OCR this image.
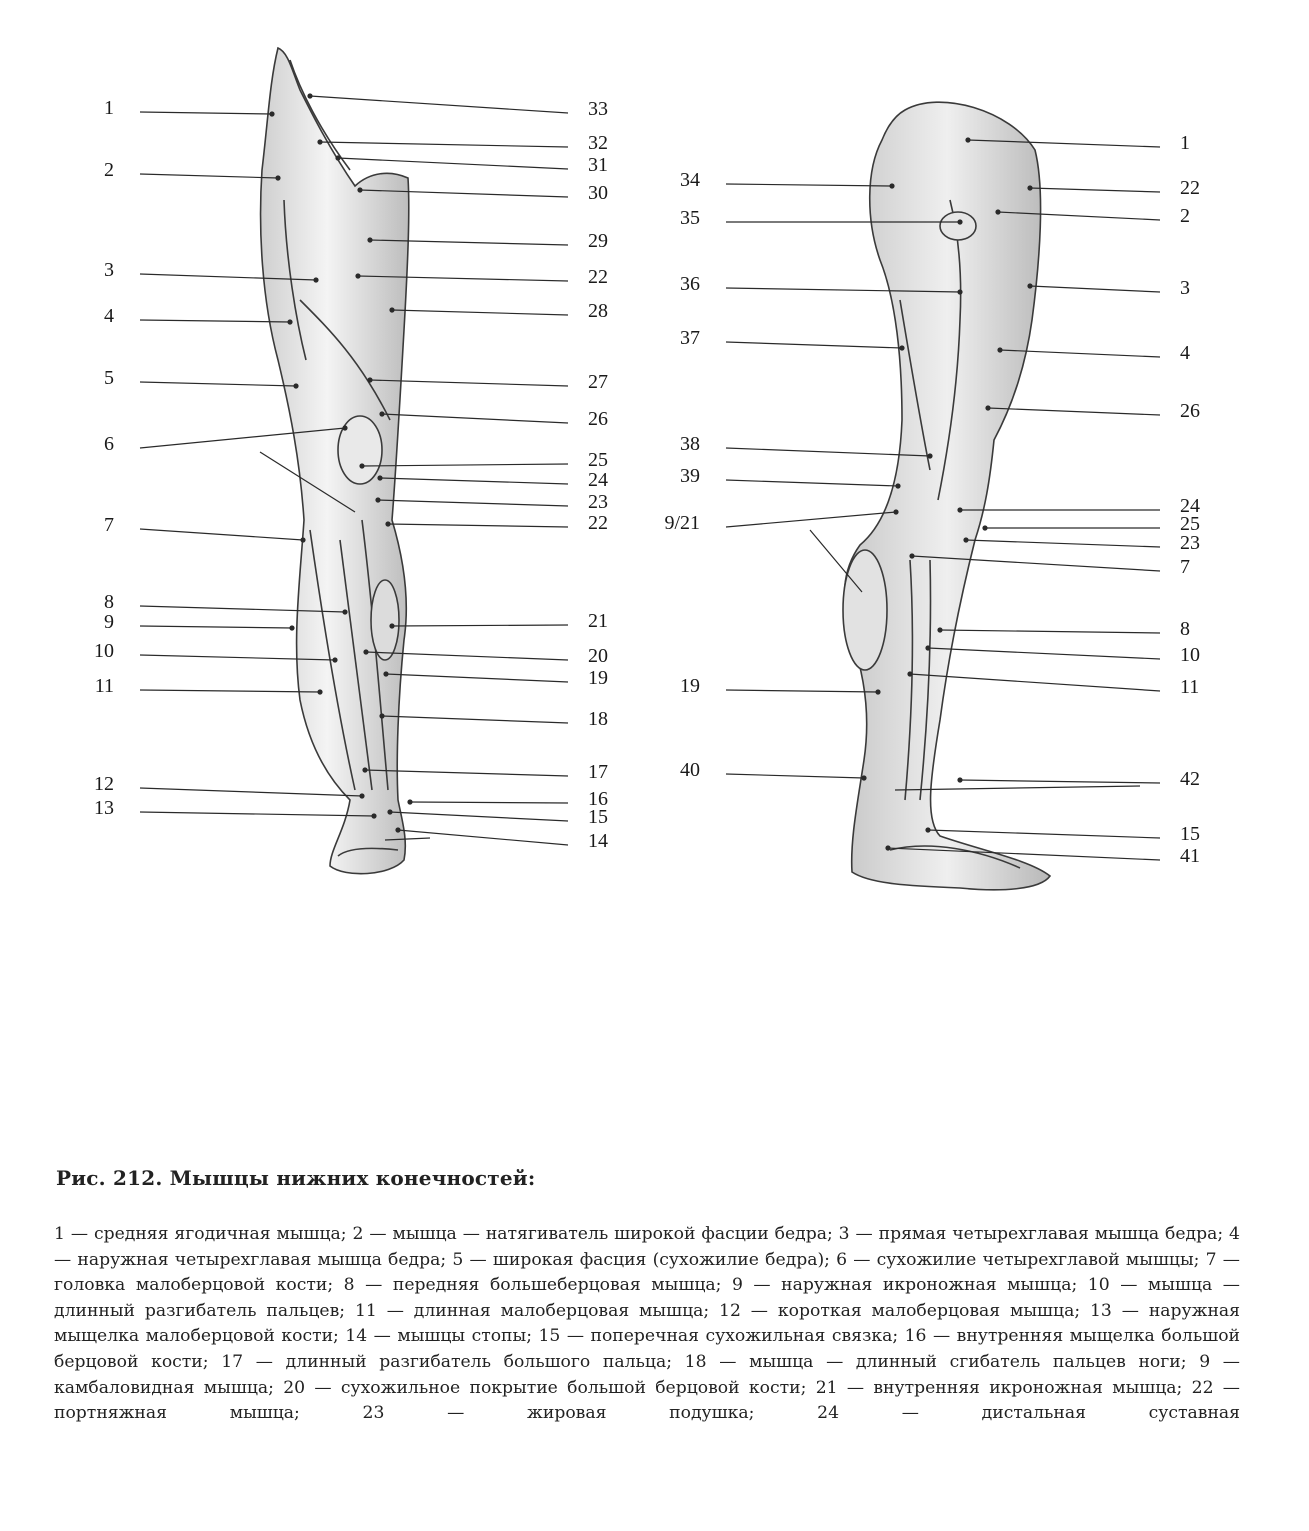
1
2
3
4
5
6
7
8
9
10
11
12
13
33
32
31
30
29
22
28
27
26
25
24
23
22
21
20
19
18
17
16
15
14
34
35
36
37
38
39
9/21
19
40
1
22
2
3
4
26
24
25
23
7
8
10
11
42
15
41
Рис. 212. Мышцы нижних конечностей:
1 — средняя ягодичная мышца; 2 — мышца — натягиватель широкой фасции бедра; 3 — прямая четырехглавая мышца бедра; 4 — наружная четырехглавая мышца бедра; 5 — широкая фасция (сухожилие бедра); 6 — сухожилие четырехглавой мышцы; 7 — головка малоберцовой кости; 8 — передняя большеберцовая мышца; 9 — наружная икроножная мышца; 10 — мышца — длинный разгибатель пальцев; 11 — длинная малоберцовая мышца; 12 — короткая малоберцовая мышца; 13 — наружная мыщелка малоберцовой кости; 14 — мышцы стопы; 15 — поперечная сухожильная связка; 16 — внутренняя мыщелка большой берцовой кости; 17 — длинный разгибатель большого пальца; 18 — мышца — длинный сгибатель пальцев ноги; 9 — камбаловидная мышца; 20 — сухожильное покрытие большой берцовой кости; 21 — внутренняя икроножная мышца; 22 — портняжная мышца; 23 — жировая подушка; 24 — дистальная суставная
